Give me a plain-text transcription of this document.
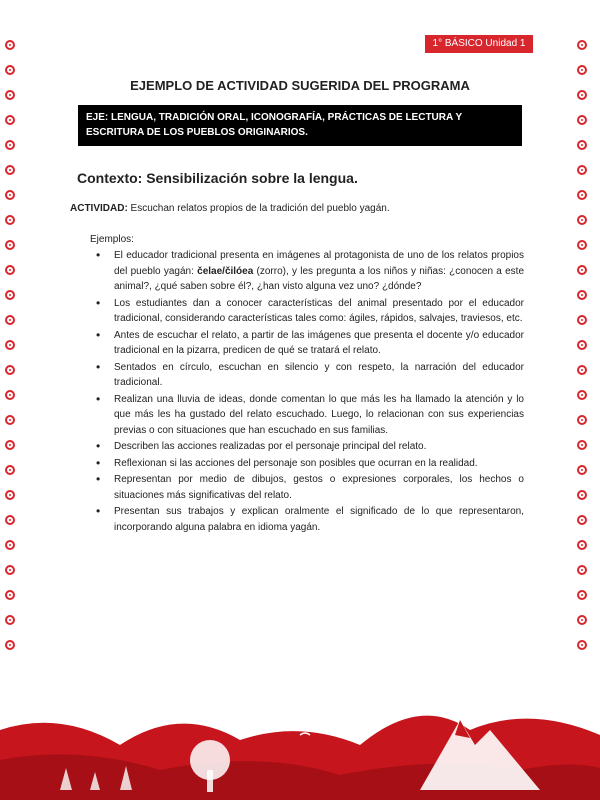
1° BÁSICO Unidad 1
EJEMPLO DE ACTIVIDAD SUGERIDA DEL PROGRAMA
EJE: LENGUA, TRADICIÓN ORAL, ICONOGRAFÍA, PRÁCTICAS DE LECTURA Y ESCRITURA DE LOS PUEBLOS ORIGINARIOS.
Contexto: Sensibilización sobre la lengua.
ACTIVIDAD: Escuchan relatos propios de la tradición del pueblo yagán.
Ejemplos:
• El educador tradicional presenta en imágenes al protagonista de uno de los relatos propios del pueblo yagán: čelae/čilóea (zorro), y les pregunta a los niños y niñas: ¿conocen a este animal?, ¿qué saben sobre él?, ¿han visto alguna vez uno? ¿dónde?
• Los estudiantes dan a conocer características del animal presentado por el educador tradicional, considerando características tales como: ágiles, rápidos, salvajes, traviesos, etc.
• Antes de escuchar el relato, a partir de las imágenes que presenta el docente y/o educador tradicional en la pizarra, predicen de qué se tratará el relato.
• Sentados en círculo, escuchan en silencio y con respeto, la narración del educador tradicional.
• Realizan una lluvia de ideas, donde comentan lo que más les ha llamado la atención y lo que más les ha gustado del relato escuchado. Luego, lo relacionan con sus experiencias previas o con situaciones que han escuchado en sus familias.
• Describen las acciones realizadas por el personaje principal del relato.
• Reflexionan si las acciones del personaje son posibles que ocurran en la realidad.
• Representan por medio de dibujos, gestos o expresiones corporales, los hechos o situaciones más significativas del relato.
• Presentan sus trabajos y explican oralmente el significado de lo que representaron, incorporando alguna palabra en idioma yagán.
